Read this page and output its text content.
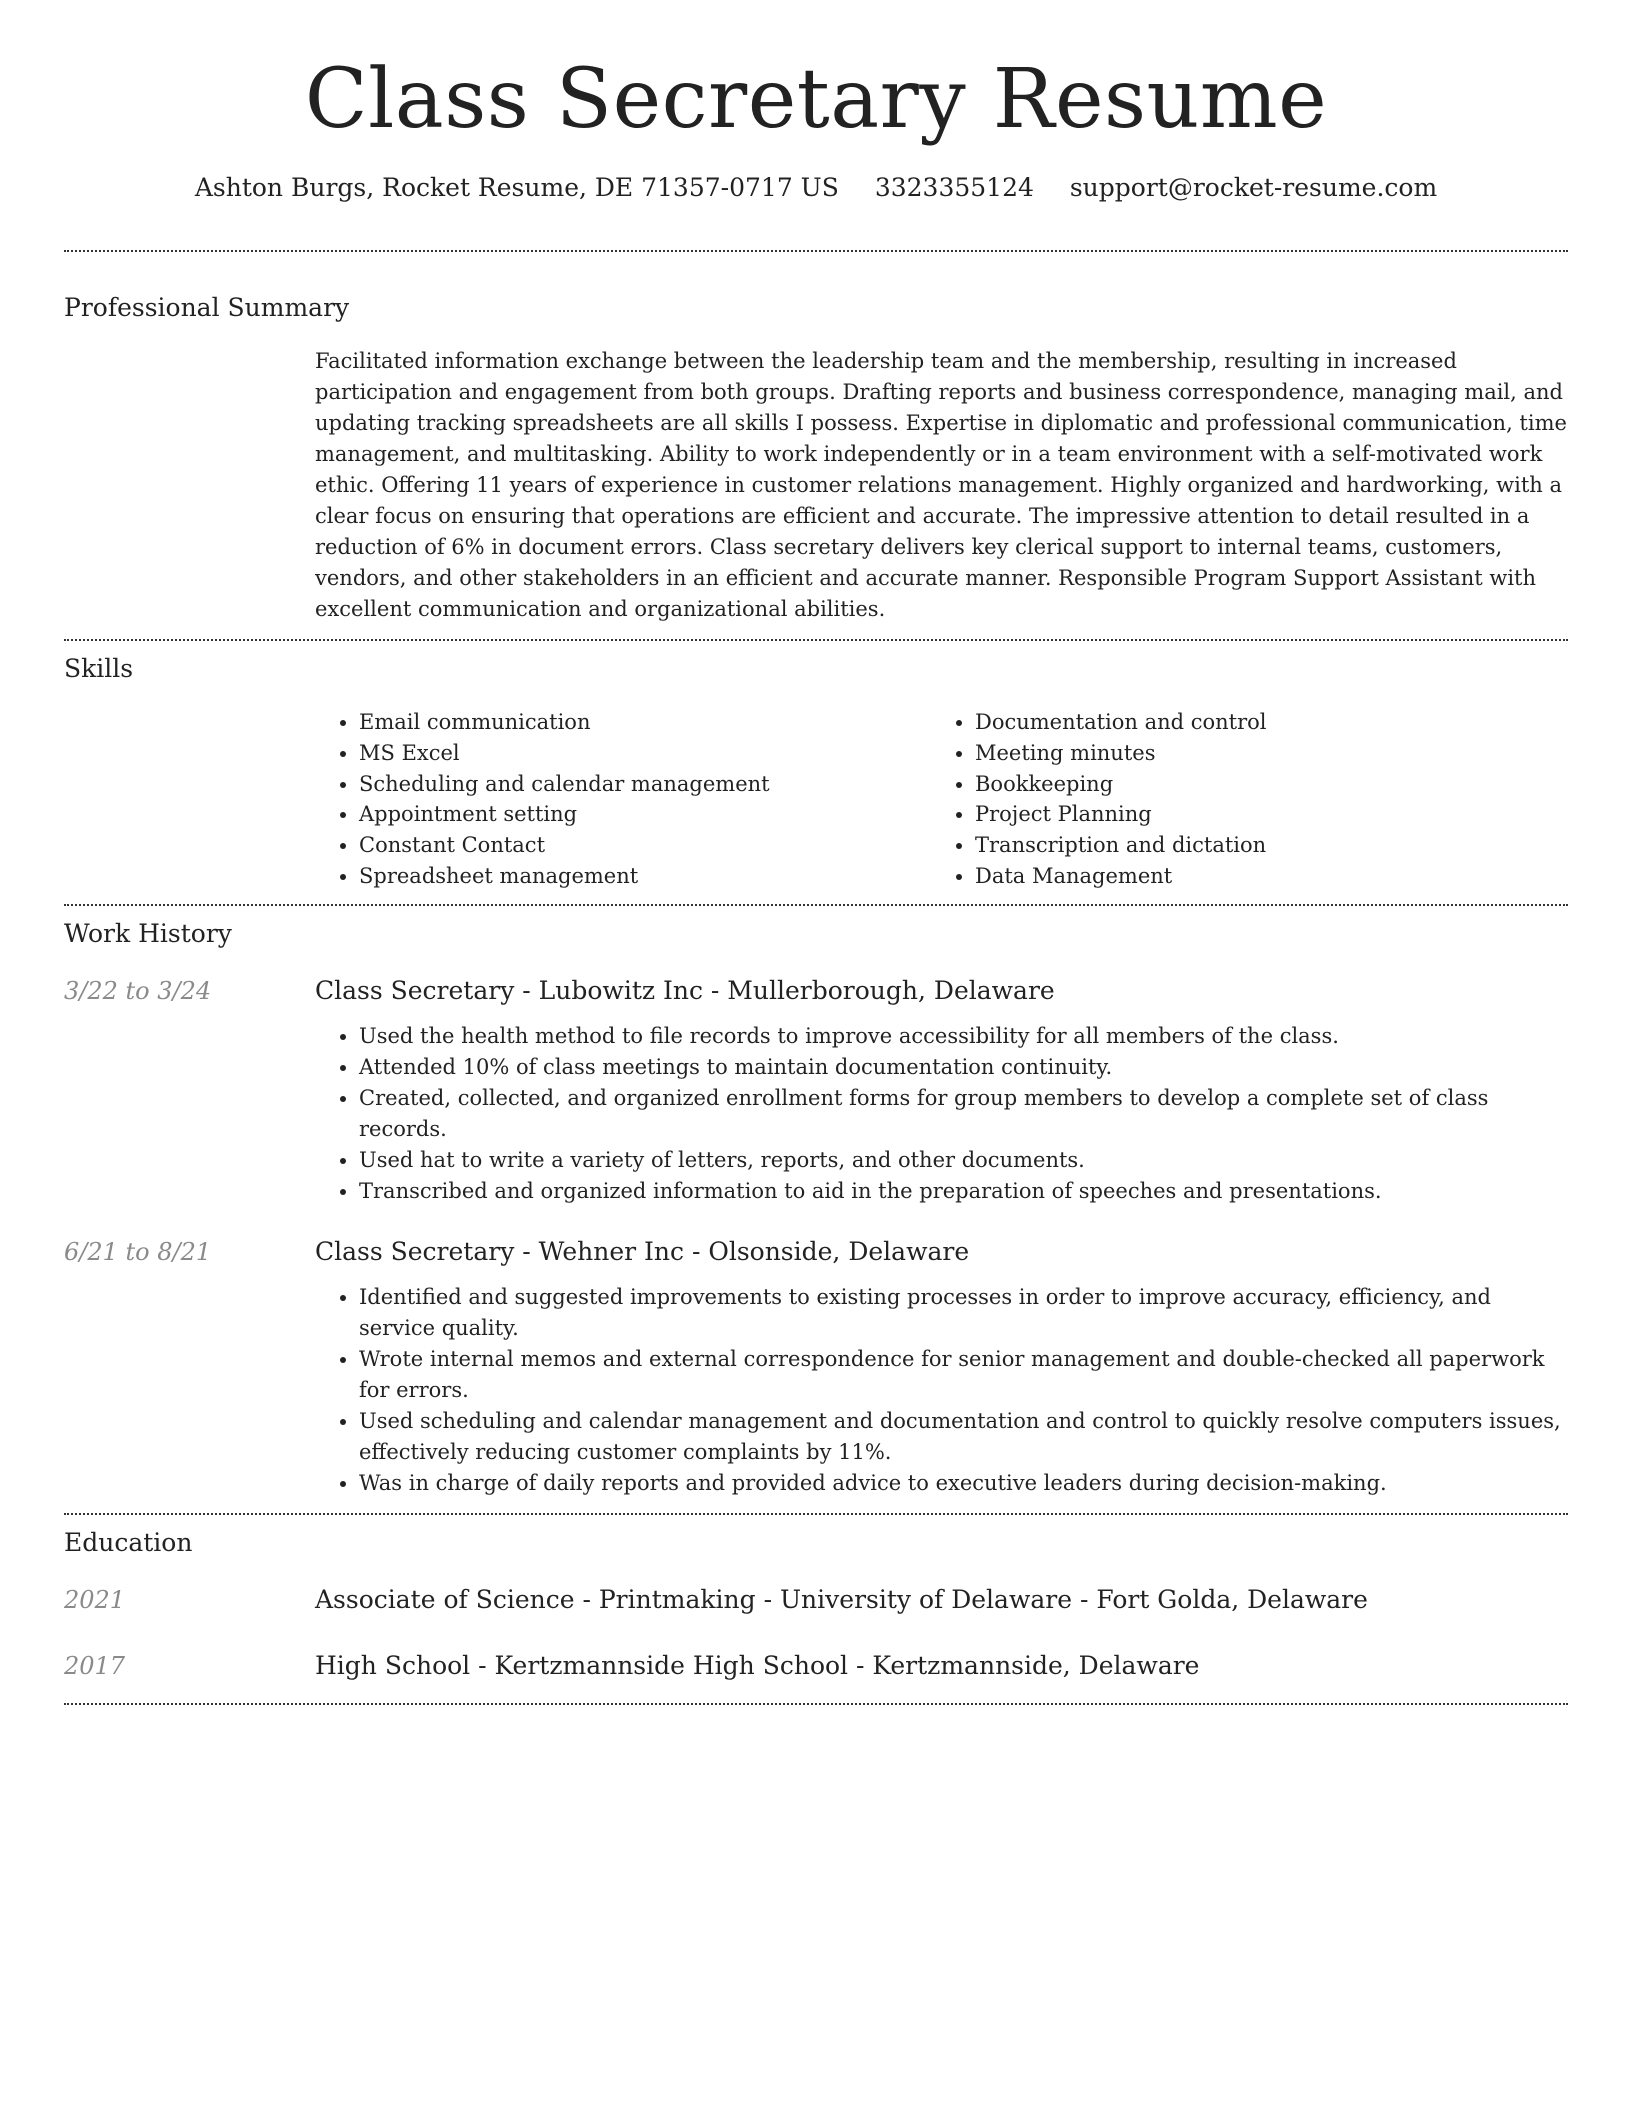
Class Secretary Resume
Ashton Burgs, Rocket Resume, DE 71357-0717 US 3323355124 support@rocket-resume.com
Professional Summary
Facilitated information exchange between the leadership team and the membership, resulting in increased participation and engagement from both groups. Drafting reports and business correspondence, managing mail, and updating tracking spreadsheets are all skills I possess. Expertise in diplomatic and professional communication, time management, and multitasking. Ability to work independently or in a team environment with a self-motivated work ethic. Offering 11 years of experience in customer relations management. Highly organized and hardworking, with a clear focus on ensuring that operations are efficient and accurate. The impressive attention to detail resulted in a reduction of 6% in document errors. Class secretary delivers key clerical support to internal teams, customers, vendors, and other stakeholders in an efficient and accurate manner. Responsible Program Support Assistant with excellent communication and organizational abilities.
Skills
• Email communication
• MS Excel
• Scheduling and calendar management
• Appointment setting
• Constant Contact
• Spreadsheet management
• Documentation and control
• Meeting minutes
• Bookkeeping
• Project Planning
• Transcription and dictation
• Data Management
Work History
3/22 to 3/24	Class Secretary - Lubowitz Inc - Mullerborough, Delaware
• Used the health method to file records to improve accessibility for all members of the class.
• Attended 10% of class meetings to maintain documentation continuity.
• Created, collected, and organized enrollment forms for group members to develop a complete set of class records.
• Used hat to write a variety of letters, reports, and other documents.
• Transcribed and organized information to aid in the preparation of speeches and presentations.
6/21 to 8/21	Class Secretary - Wehner Inc - Olsonside, Delaware
• Identified and suggested improvements to existing processes in order to improve accuracy, efficiency, and service quality.
• Wrote internal memos and external correspondence for senior management and double-checked all paperwork for errors.
• Used scheduling and calendar management and documentation and control to quickly resolve computers issues, effectively reducing customer complaints by 11%.
• Was in charge of daily reports and provided advice to executive leaders during decision-making.
Education
2021	Associate of Science - Printmaking - University of Delaware - Fort Golda, Delaware
2017	High School - Kertzmannside High School - Kertzmannside, Delaware
